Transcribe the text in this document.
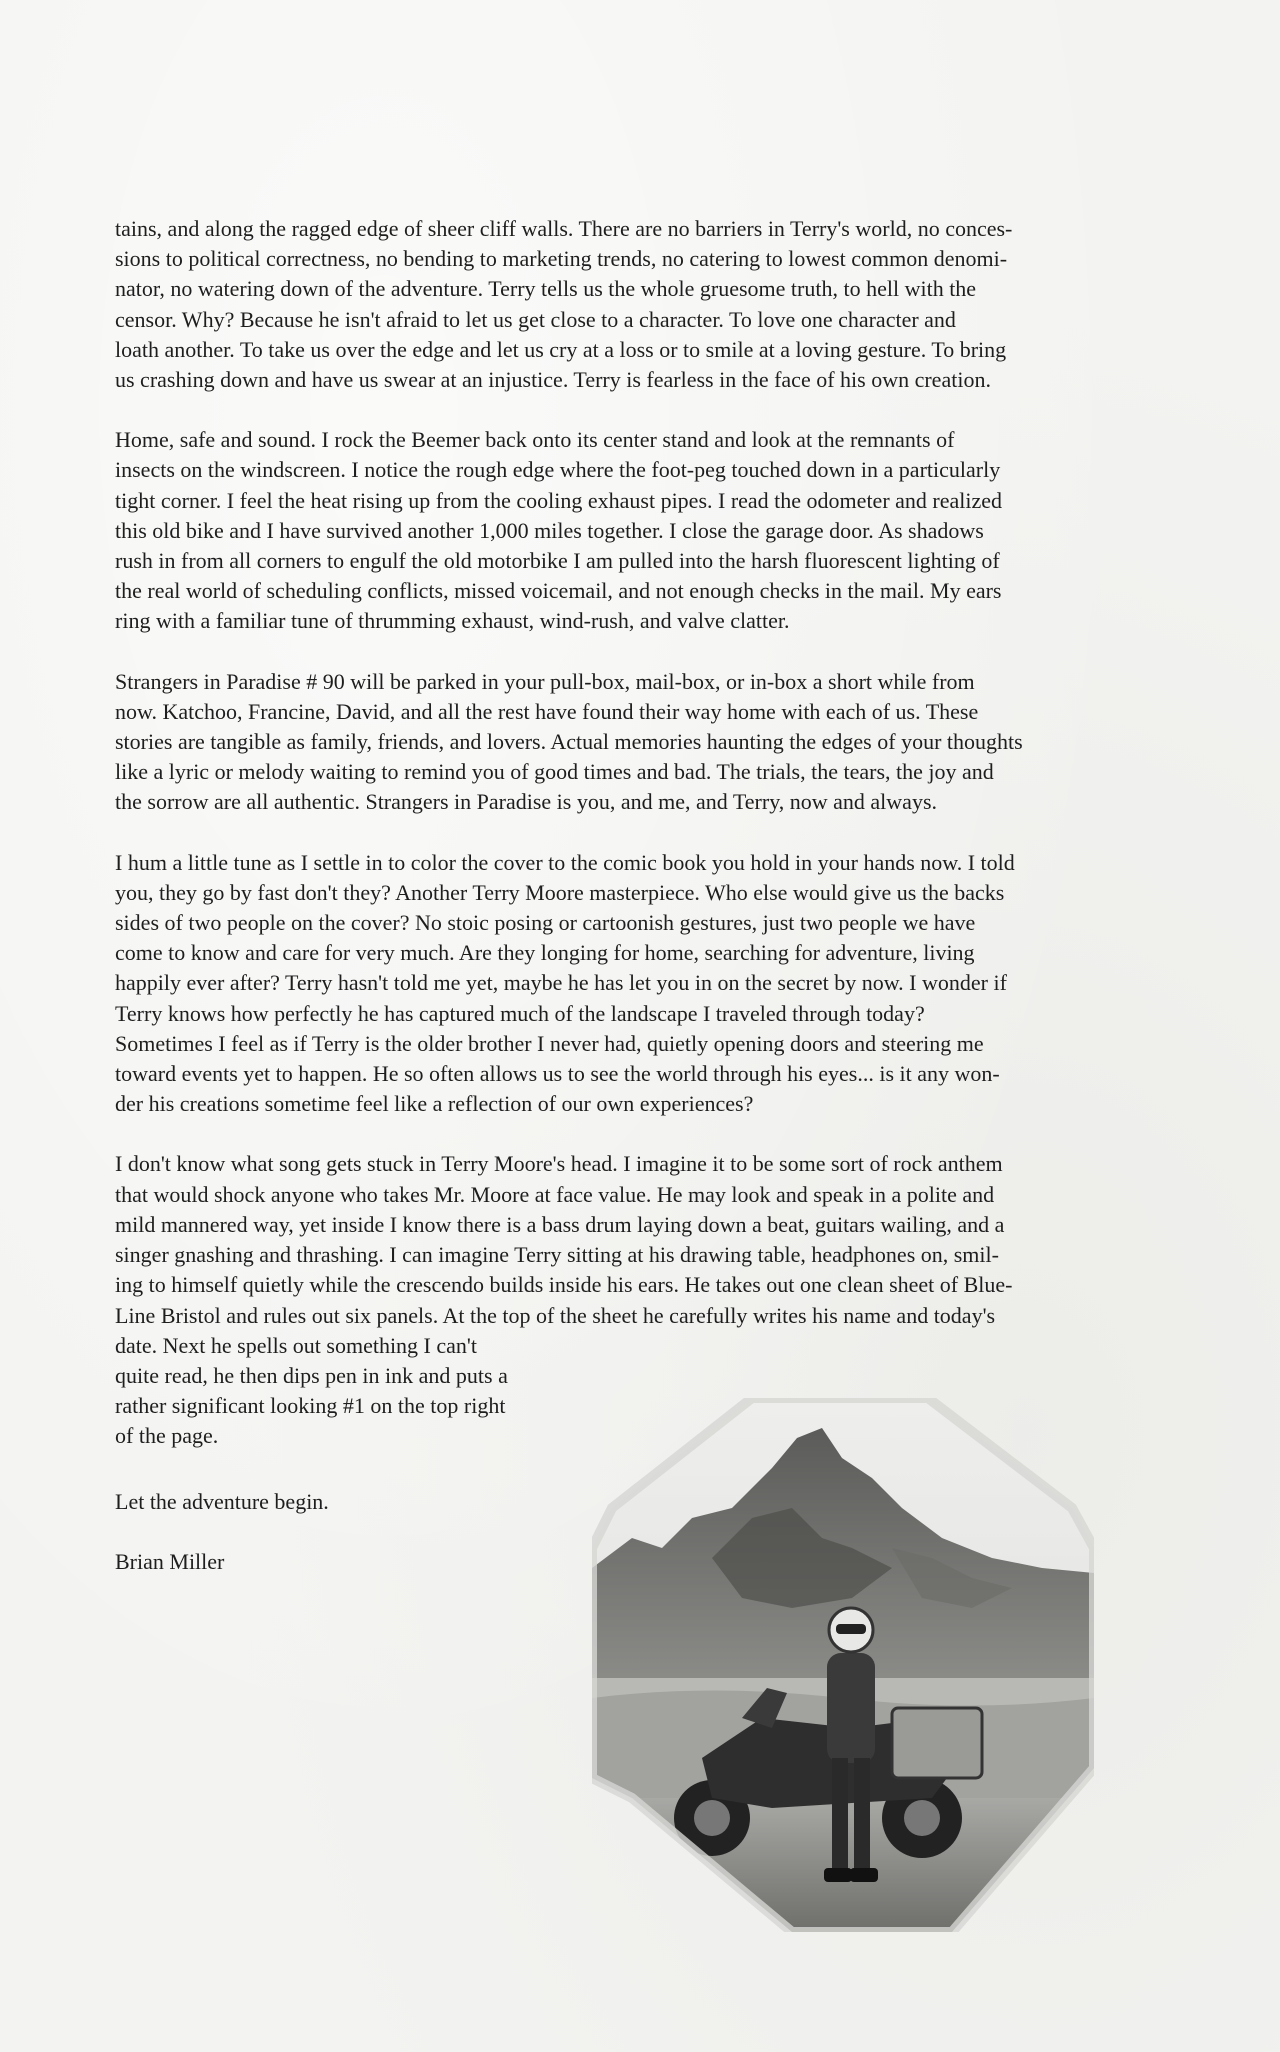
tains, and along the ragged edge of sheer cliff walls. There are no barriers in Terry's world, no conces-
sions to political correctness, no bending to marketing trends, no catering to lowest common denomi-
nator, no watering down of the adventure. Terry tells us the whole gruesome truth, to hell with the
censor. Why? Because he isn't afraid to let us get close to a character. To love one character and
loath another. To take us over the edge and let us cry at a loss or to smile at a loving gesture. To bring
us crashing down and have us swear at an injustice. Terry is fearless in the face of his own creation.

Home, safe and sound. I rock the Beemer back onto its center stand and look at the remnants of
insects on the windscreen. I notice the rough edge where the foot-peg touched down in a particularly
tight corner. I feel the heat rising up from the cooling exhaust pipes. I read the odometer and realized
this old bike and I have survived another 1,000 miles together. I close the garage door. As shadows
rush in from all corners to engulf the old motorbike I am pulled into the harsh fluorescent lighting of
the real world of scheduling conflicts, missed voicemail, and not enough checks in the mail. My ears
ring with a familiar tune of thrumming exhaust, wind-rush, and valve clatter.

Strangers in Paradise # 90 will be parked in your pull-box, mail-box, or in-box a short while from
now. Katchoo, Francine, David, and all the rest have found their way home with each of us. These
stories are tangible as family, friends, and lovers. Actual memories haunting the edges of your thoughts
like a lyric or melody waiting to remind you of good times and bad. The trials, the tears, the joy and
the sorrow are all authentic. Strangers in Paradise is you, and me, and Terry, now and always.

I hum a little tune as I settle in to color the cover to the comic book you hold in your hands now. I told
you, they go by fast don't they? Another Terry Moore masterpiece. Who else would give us the backs
sides of two people on the cover? No stoic posing or cartoonish gestures, just two people we have
come to know and care for very much. Are they longing for home, searching for adventure, living
happily ever after? Terry hasn't told me yet, maybe he has let you in on the secret by now. I wonder if
Terry knows how perfectly he has captured much of the landscape I traveled through today?
Sometimes I feel as if Terry is the older brother I never had, quietly opening doors and steering me
toward events yet to happen. He so often allows us to see the world through his eyes... is it any won-
der his creations sometime feel like a reflection of our own experiences?

I don't know what song gets stuck in Terry Moore's head. I imagine it to be some sort of rock anthem
that would shock anyone who takes Mr. Moore at face value. He may look and speak in a polite and
mild mannered way, yet inside I know there is a bass drum laying down a beat, guitars wailing, and a
singer gnashing and thrashing. I can imagine Terry sitting at his drawing table, headphones on, smil-
ing to himself quietly while the crescendo builds inside his ears. He takes out one clean sheet of Blue-
Line Bristol and rules out six panels. At the top of the sheet he carefully writes his name and today's
date. Next he spells out something I can't
quite read, he then dips pen in ink and puts a
rather significant looking #1 on the top right
of the page.

Let the adventure begin.
Brian Miller
